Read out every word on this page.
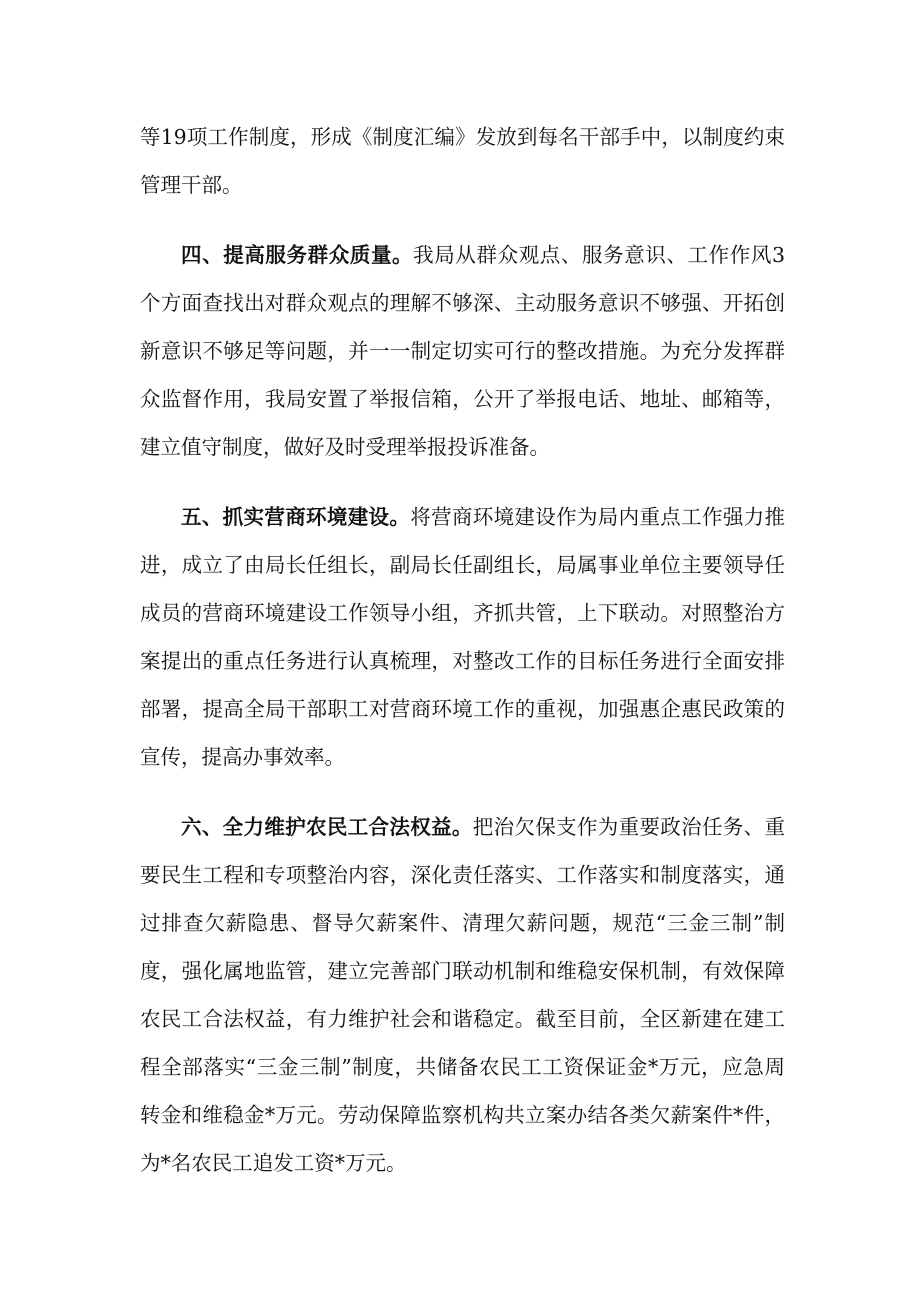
等19项工作制度，形成《制度汇编》发放到每名干部手中，以制度约束管理干部。

四、提高服务群众质量。我局从群众观点、服务意识、工作作风3个方面查找出对群众观点的理解不够深、主动服务意识不够强、开拓创新意识不够足等问题，并一一制定切实可行的整改措施。为充分发挥群众监督作用，我局安置了举报信箱，公开了举报电话、地址、邮箱等，建立值守制度，做好及时受理举报投诉准备。

五、抓实营商环境建设。将营商环境建设作为局内重点工作强力推进，成立了由局长任组长，副局长任副组长，局属事业单位主要领导任成员的营商环境建设工作领导小组，齐抓共管，上下联动。对照整治方案提出的重点任务进行认真梳理，对整改工作的目标任务进行全面安排部署，提高全局干部职工对营商环境工作的重视，加强惠企惠民政策的宣传，提高办事效率。

六、全力维护农民工合法权益。把治欠保支作为重要政治任务、重要民生工程和专项整治内容，深化责任落实、工作落实和制度落实，通过排查欠薪隐患、督导欠薪案件、清理欠薪问题，规范“三金三制”制度，强化属地监管，建立完善部门联动机制和维稳安保机制，有效保障农民工合法权益，有力维护社会和谐稳定。截至目前，全区新建在建工程全部落实“三金三制”制度，共储备农民工工资保证金*万元，应急周转金和维稳金*万元。劳动保障监察机构共立案办结各类欠薪案件*件，为*名农民工追发工资*万元。
